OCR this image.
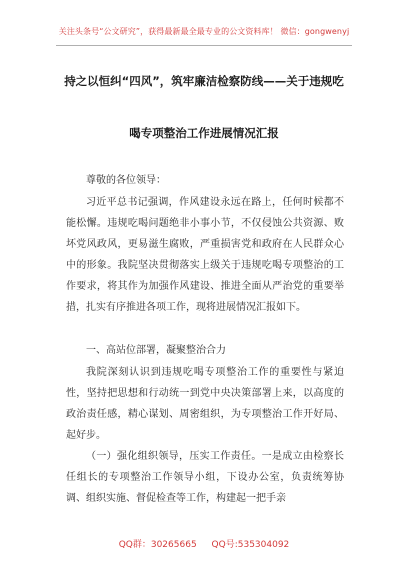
关注头条号“公文研究”，获得最新最全最专业的公文资料库！ 微信：gongwenyj
持之以恒纠“四风”，筑牢廉洁检察防线——关于违规吃
喝专项整治工作进展情况汇报
尊敬的各位领导：

习近平总书记强调，作风建设永远在路上，任何时候都不能松懈。违规吃喝问题绝非小事小节，不仅侵蚀公共资源、败坏党风政风，更易滋生腐败，严重损害党和政府在人民群众心中的形象。我院坚决贯彻落实上级关于违规吃喝专项整治的工作要求，将其作为加强作风建设、推进全面从严治党的重要举措，扎实有序推进各项工作，现将进展情况汇报如下。

一、高站位部署，凝聚整治合力

我院深刻认识到违规吃喝专项整治工作的重要性与紧迫性，坚持把思想和行动统一到党中央决策部署上来，以高度的政治责任感，精心谋划、周密组织，为专项整治工作开好局、起好步。

（一）强化组织领导，压实工作责任。一是成立由检察长任组长的专项整治工作领导小组，下设办公室，负责统筹协调、组织实施、督促检查等工作，构建起一把手亲

QQ群：30265665 QQ号:535304092
